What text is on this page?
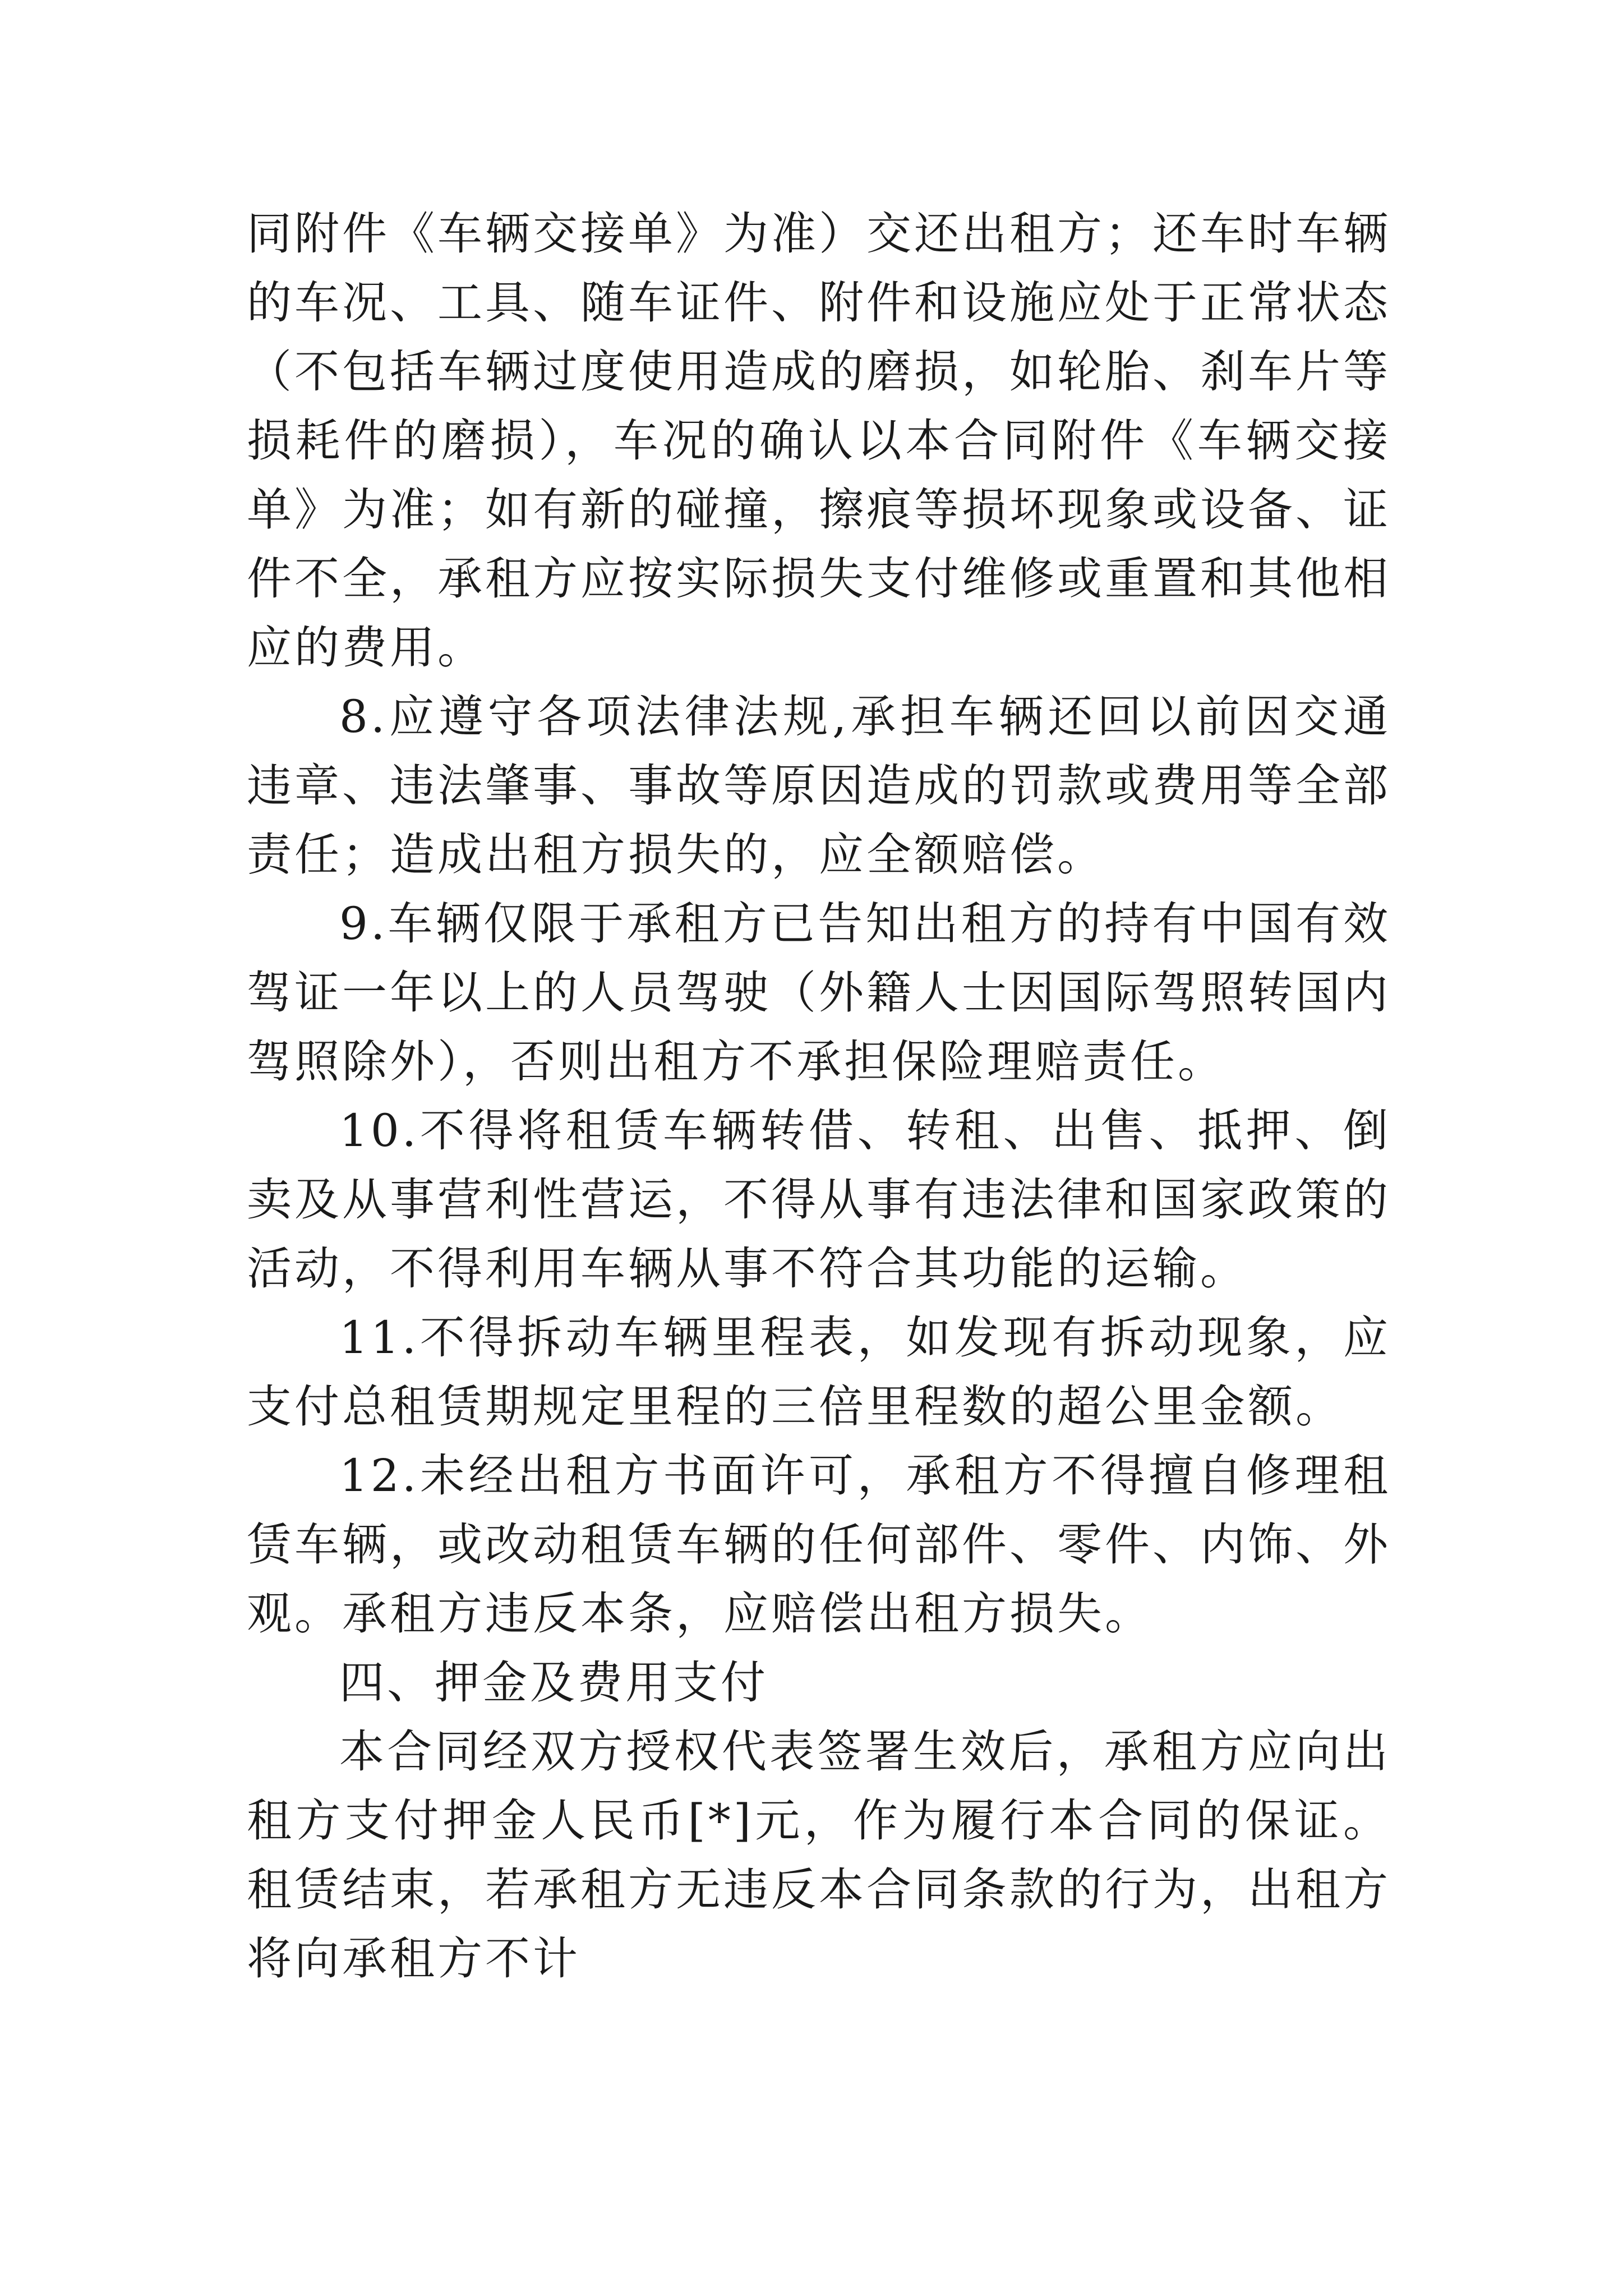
同附件《车辆交接单》为准）交还出租方；还车时车辆的车况、工具、随车证件、附件和设施应处于正常状态（不包括车辆过度使用造成的磨损，如轮胎、刹车片等损耗件的磨损），车况的确认以本合同附件《车辆交接单》为准；如有新的碰撞，擦痕等损坏现象或设备、证件不全，承租方应按实际损失支付维修或重置和其他相应的费用。

8.应遵守各项法律法规,承担车辆还回以前因交通违章、违法肇事、事故等原因造成的罚款或费用等全部责任；造成出租方损失的，应全额赔偿。

9.车辆仅限于承租方已告知出租方的持有中国有效驾证一年以上的人员驾驶（外籍人士因国际驾照转国内驾照除外），否则出租方不承担保险理赔责任。

10.不得将租赁车辆转借、转租、出售、抵押、倒卖及从事营利性营运，不得从事有违法律和国家政策的活动，不得利用车辆从事不符合其功能的运输。

11.不得拆动车辆里程表，如发现有拆动现象，应支付总租赁期规定里程的三倍里程数的超公里金额。

12.未经出租方书面许可，承租方不得擅自修理租赁车辆，或改动租赁车辆的任何部件、零件、内饰、外观。承租方违反本条，应赔偿出租方损失。

四、押金及费用支付

本合同经双方授权代表签署生效后，承租方应向出租方支付押金人民币[*]元，作为履行本合同的保证。租赁结束，若承租方无违反本合同条款的行为，出租方将向承租方不计
